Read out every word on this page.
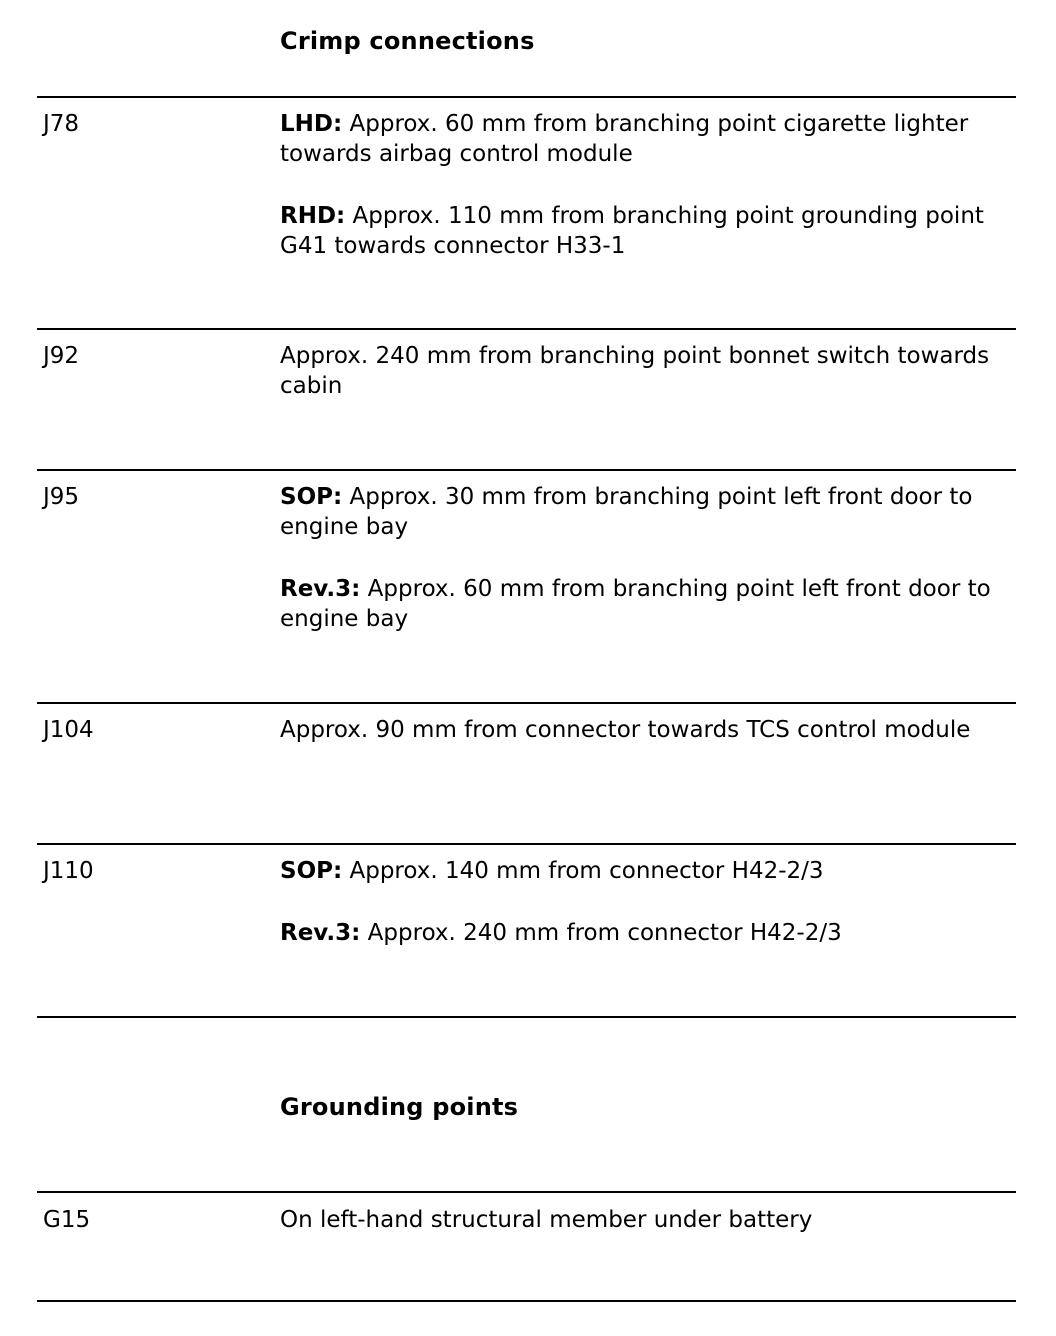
Crimp connections
J78	LHD: Approx. 60 mm from branching point cigarette lighter towards airbag control module

RHD: Approx. 110 mm from branching point grounding point G41 towards connector H33-1

J92	Approx. 240 mm from branching point bonnet switch towards cabin

J95	SOP: Approx. 30 mm from branching point left front door to engine bay

Rev.3: Approx. 60 mm from branching point left front door to engine bay

J104	Approx. 90 mm from connector towards TCS control module

J110	SOP: Approx. 140 mm from connector H42-2/3

Rev.3: Approx. 240 mm from connector H42-2/3

Grounding points
G15	On left-hand structural member under battery
